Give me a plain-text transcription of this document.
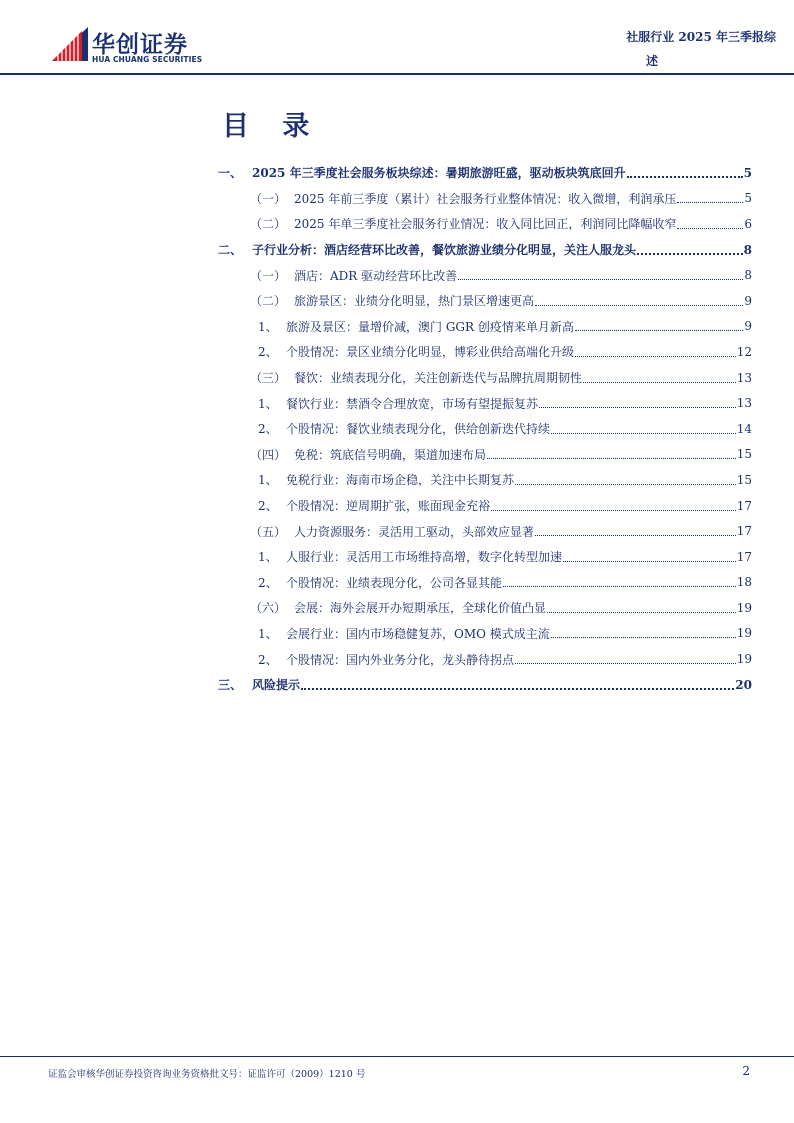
华创证券
HUA CHUANG SECURITIES
社服行业 2025 年三季报综
述
目 录
一、 2025 年三季度社会服务板块综述：暑期旅游旺盛，驱动板块筑底回升	5
（一） 2025 年前三季度（累计）社会服务行业整体情况：收入微增，利润承压	5
（二） 2025 年单三季度社会服务行业情况：收入同比回正，利润同比降幅收窄	6
二、 子行业分析：酒店经营环比改善，餐饮旅游业绩分化明显，关注人服龙头	8
（一） 酒店：ADR 驱动经营环比改善	8
（二） 旅游景区：业绩分化明显，热门景区增速更高	9
1、 旅游及景区：量增价减，澳门 GGR 创疫情来单月新高	9
2、 个股情况：景区业绩分化明显，博彩业供给高端化升级	12
（三） 餐饮：业绩表现分化，关注创新迭代与品牌抗周期韧性	13
1、 餐饮行业：禁酒令合理放宽，市场有望提振复苏	13
2、 个股情况：餐饮业绩表现分化，供给创新迭代持续	14
（四） 免税：筑底信号明确，渠道加速布局	15
1、 免税行业：海南市场企稳，关注中长期复苏	15
2、 个股情况：逆周期扩张，账面现金充裕	17
（五） 人力资源服务：灵活用工驱动，头部效应显著	17
1、 人服行业：灵活用工市场维持高增，数字化转型加速	17
2、 个股情况：业绩表现分化，公司各显其能	18
（六） 会展：海外会展开办短期承压，全球化价值凸显	19
1、 会展行业：国内市场稳健复苏，OMO 模式成主流	19
2、 个股情况：国内外业务分化，龙头静待拐点	19
三、 风险提示	20
证监会审核华创证券投资咨询业务资格批文号：证监许可（2009）1210 号	2
